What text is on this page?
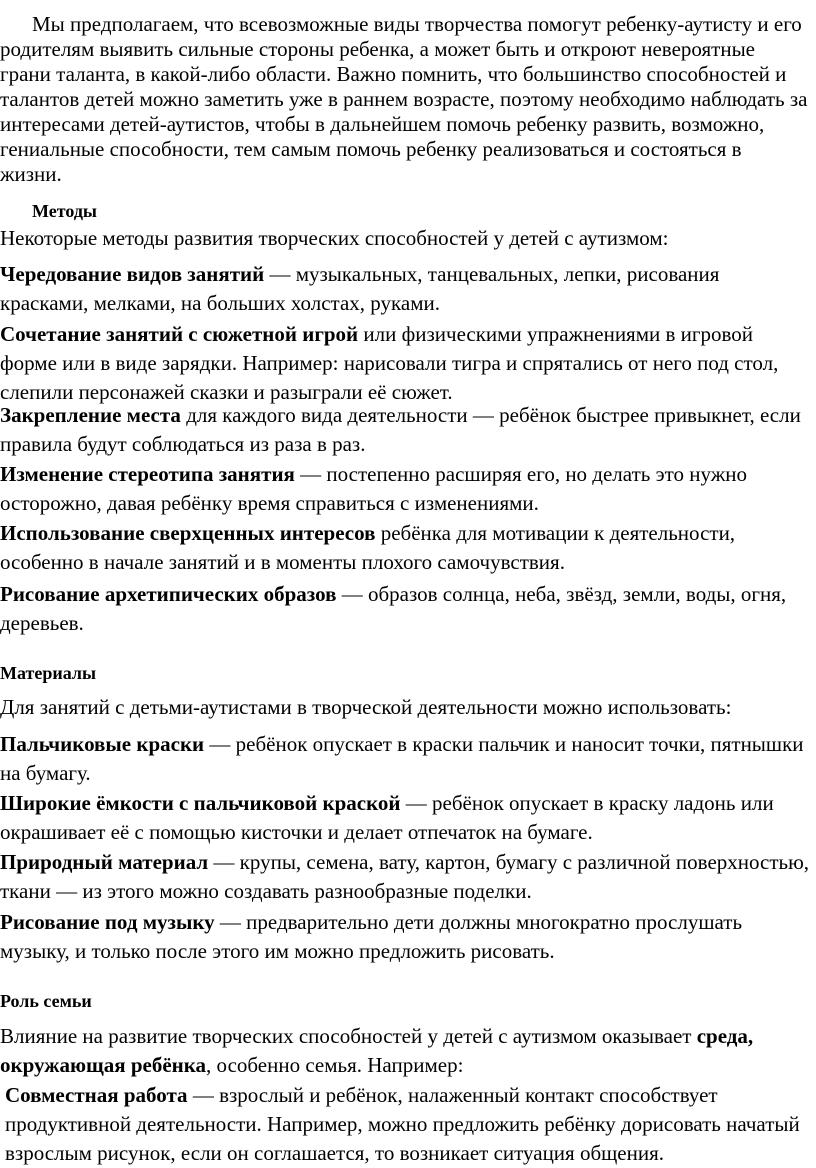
Мы предполагаем, что всевозможные виды творчества помогут ребенку-аутисту и его родителям выявить сильные стороны ребенка, а может быть и откроют невероятные грани таланта, в какой-либо области. Важно помнить, что большинство способностей и талантов детей можно заметить уже в раннем возрасте, поэтому необходимо наблюдать за интересами детей-аутистов, чтобы в дальнейшем помочь ребенку развить, возможно, гениальные способности, тем самым помочь ребенку реализоваться и состояться в жизни.

Методы

Некоторые методы развития творческих способностей у детей с аутизмом:

Чередование видов занятий — музыкальных, танцевальных, лепки, рисования красками, мелками, на больших холстах, руками.

Сочетание занятий с сюжетной игрой или физическими упражнениями в игровой форме или в виде зарядки. Например: нарисовали тигра и спрятались от него под стол, слепили персонажей сказки и разыграли её сюжет.

Закрепление места для каждого вида деятельности — ребёнок быстрее привыкнет, если правила будут соблюдаться из раза в раз.

Изменение стереотипа занятия — постепенно расширяя его, но делать это нужно осторожно, давая ребёнку время справиться с изменениями.

Использование сверхценных интересов ребёнка для мотивации к деятельности, особенно в начале занятий и в моменты плохого самочувствия.

Рисование архетипических образов — образов солнца, неба, звёзд, земли, воды, огня, деревьев.

Материалы

Для занятий с детьми-аутистами в творческой деятельности можно использовать:

Пальчиковые краски — ребёнок опускает в краски пальчик и наносит точки, пятнышки на бумагу.

Широкие ёмкости с пальчиковой краской — ребёнок опускает в краску ладонь или окрашивает её с помощью кисточки и делает отпечаток на бумаге.

Природный материал — крупы, семена, вату, картон, бумагу с различной поверхностью, ткани — из этого можно создавать разнообразные поделки.

Рисование под музыку — предварительно дети должны многократно прослушать музыку, и только после этого им можно предложить рисовать.

Роль семьи

Влияние на развитие творческих способностей у детей с аутизмом оказывает среда, окружающая ребёнка, особенно семья. Например:

Совместная работа — взрослый и ребёнок, налаженный контакт способствует продуктивной деятельности. Например, можно предложить ребёнку дорисовать начатый взрослым рисунок, если он соглашается, то возникает ситуация общения.
